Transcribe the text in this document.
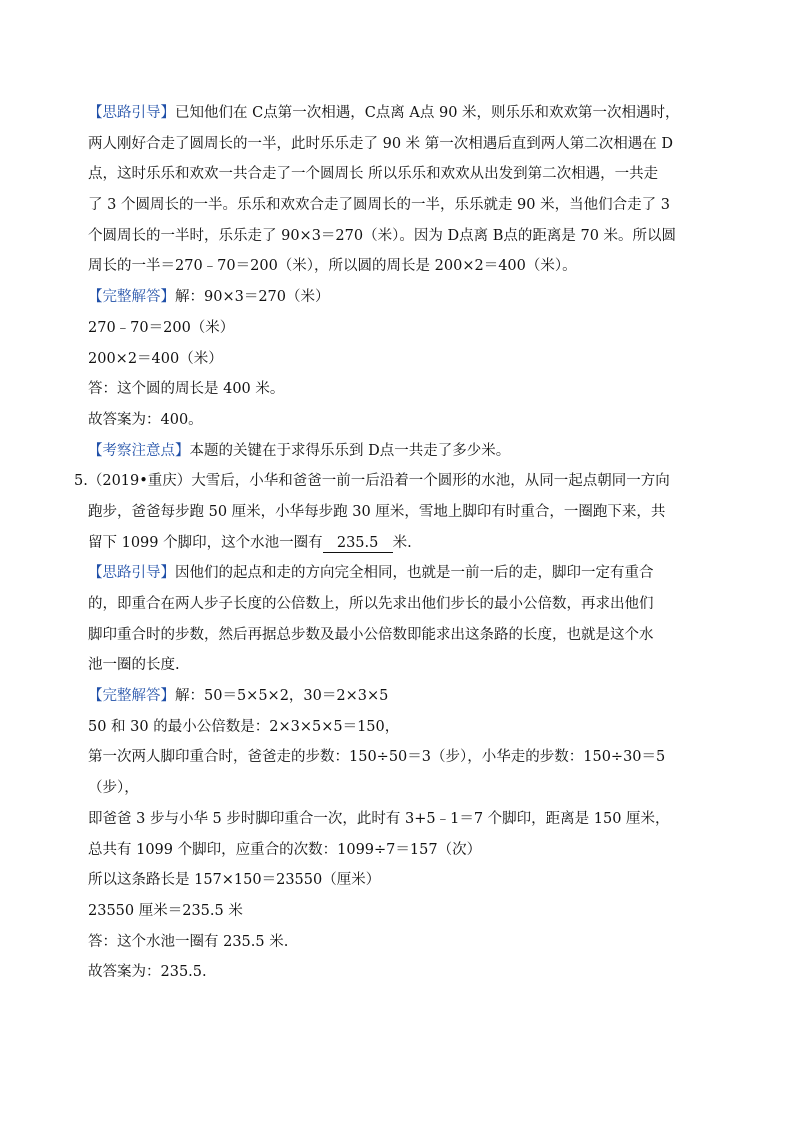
【思路引导】已知他们在 C点第一次相遇，C点离 A点 90 米，则乐乐和欢欢第一次相遇时，
两人刚好合走了圆周长的一半，此时乐乐走了 90 米 第一次相遇后直到两人第二次相遇在 D
点，这时乐乐和欢欢一共合走了一个圆周长 所以乐乐和欢欢从出发到第二次相遇，一共走
了 3 个圆周长的一半。乐乐和欢欢合走了圆周长的一半，乐乐就走 90 米，当他们合走了 3
个圆周长的一半时，乐乐走了 90×3＝270（米）。因为 D点离 B点的距离是 70 米。所以圆
周长的一半＝270﹣70＝200（米），所以圆的周长是 200×2＝400（米）。
【完整解答】解：90×3＝270（米）
270﹣70＝200（米）
200×2＝400（米）
答：这个圆的周长是 400 米。
故答案为：400。
【考察注意点】本题的关键在于求得乐乐到 D点一共走了多少米。
5.（2019•重庆）大雪后，小华和爸爸一前一后沿着一个圆形的水池，从同一起点朝同一方向
跑步，爸爸每步跑 50 厘米，小华每步跑 30 厘米，雪地上脚印有时重合，一圈跑下来，共
留下 1099 个脚印，这个水池一圈有 235.5 米.
【思路引导】因他们的起点和走的方向完全相同，也就是一前一后的走，脚印一定有重合
的，即重合在两人步子长度的公倍数上，所以先求出他们步长的最小公倍数，再求出他们
脚印重合时的步数，然后再据总步数及最小公倍数即能求出这条路的长度，也就是这个水
池一圈的长度.
【完整解答】解：50＝5×5×2，30＝2×3×5
50 和 30 的最小公倍数是：2×3×5×5＝150，
第一次两人脚印重合时，爸爸走的步数：150÷50＝3（步），小华走的步数：150÷30＝5
（步），
即爸爸 3 步与小华 5 步时脚印重合一次，此时有 3+5﹣1＝7 个脚印，距离是 150 厘米，
总共有 1099 个脚印，应重合的次数：1099÷7＝157（次）
所以这条路长是 157×150＝23550（厘米）
23550 厘米＝235.5 米
答：这个水池一圈有 235.5 米.
故答案为：235.5.
